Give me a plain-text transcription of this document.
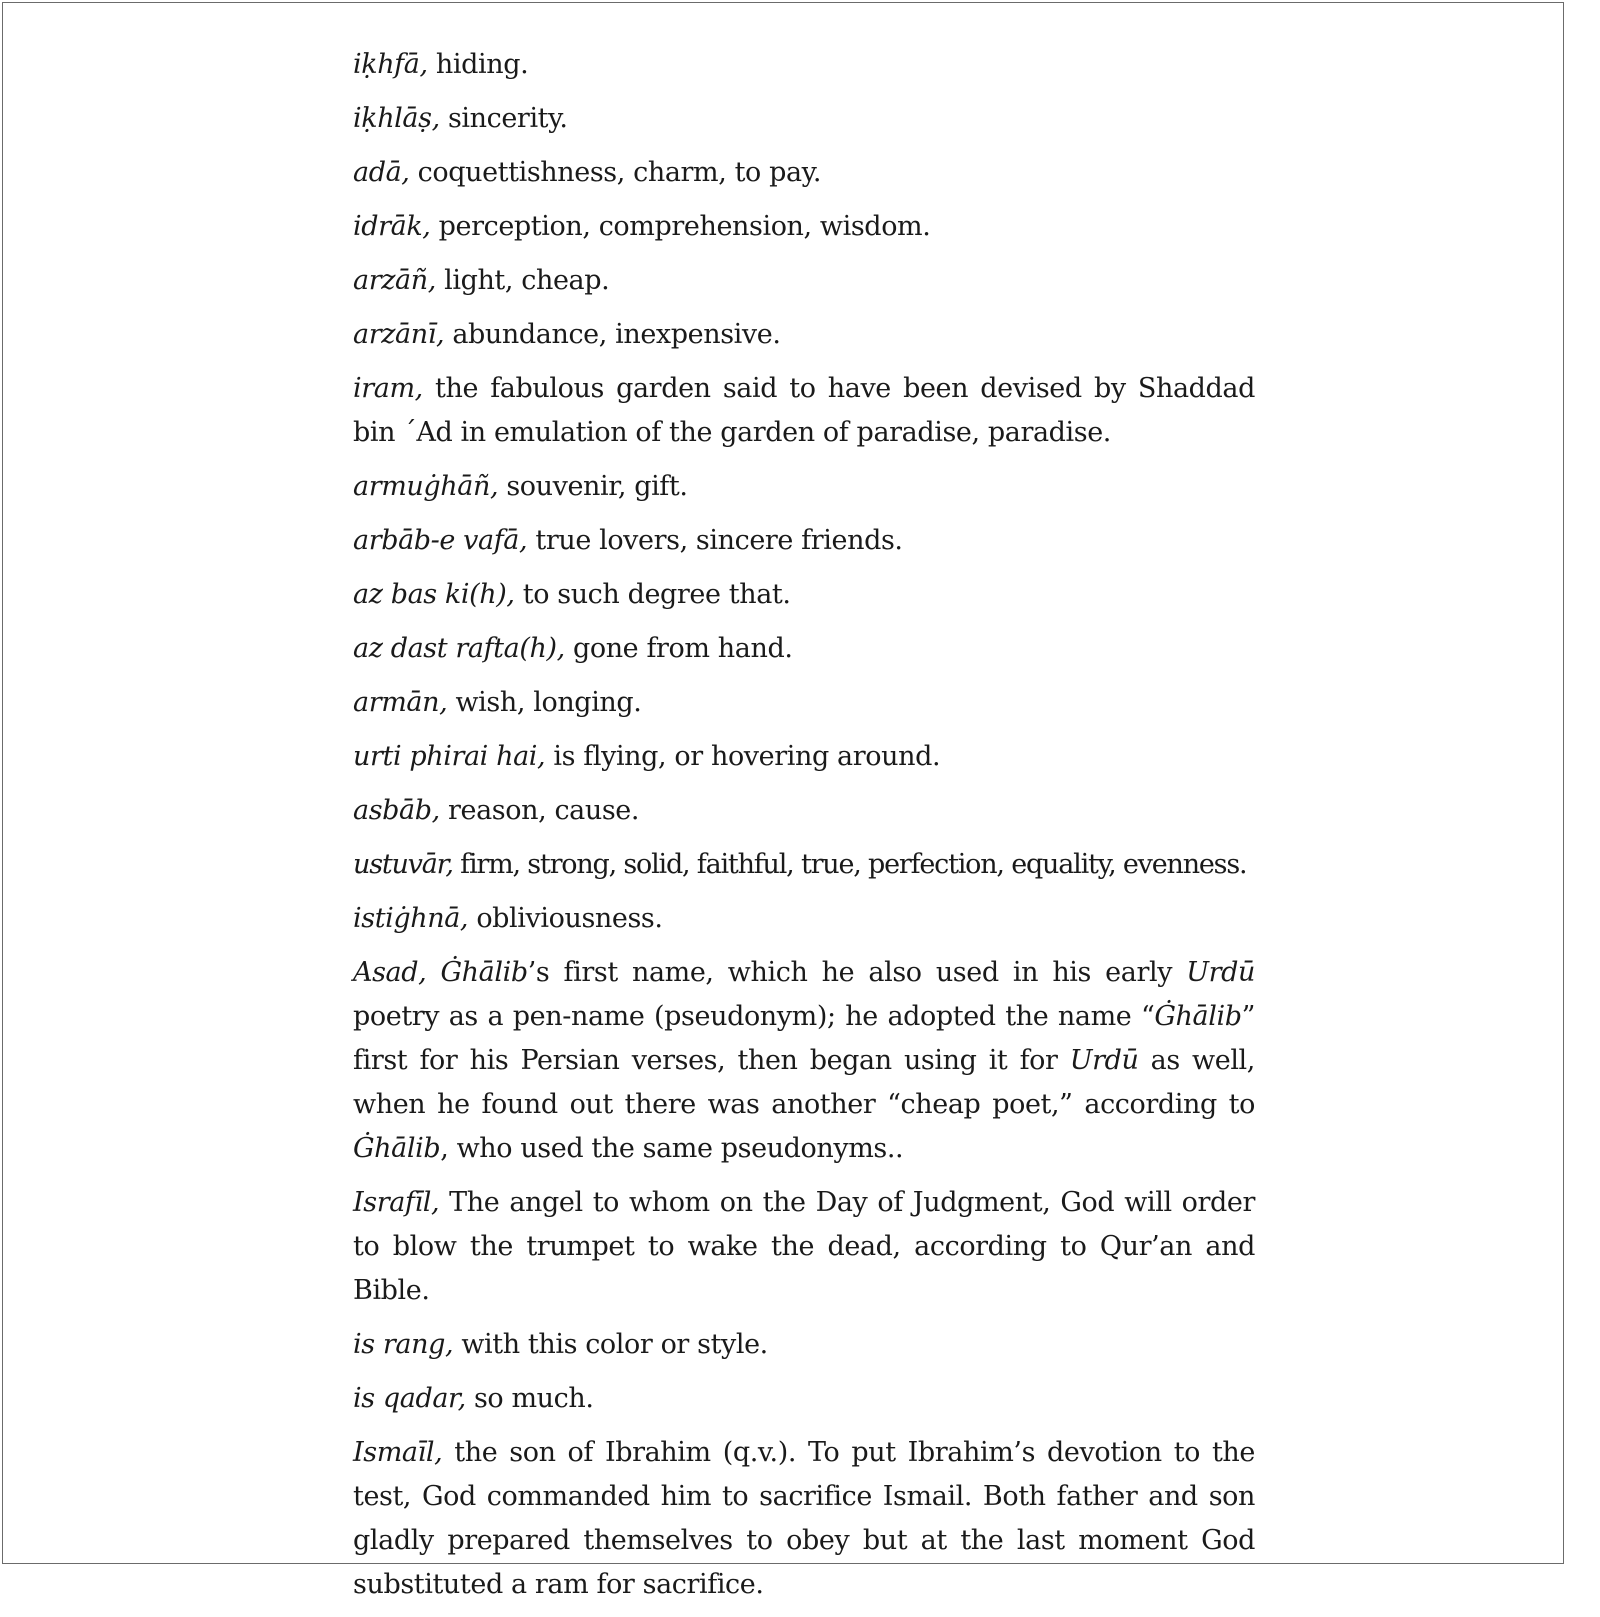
iḳhfā, hiding.

iḳhlāṣ, sincerity.

adā, coquettishness, charm, to pay.

idrāk, perception, comprehension, wisdom.

arzāñ, light, cheap.

arzānī, abundance, inexpensive.

iram, the fabulous garden said to have been devised by Shaddad bin ´Ad in emulation of the garden of paradise, paradise.

armuġhāñ, souvenir, gift.

arbāb-e vafā, true lovers, sincere friends.

az bas ki(h), to such degree that.

az dast rafta(h), gone from hand.

armān, wish, longing.

urti phirai hai, is flying, or hovering around.

asbāb, reason, cause.

ustuvār, firm, strong, solid, faithful, true, perfection, equality, evenness.

istiġhnā, obliviousness.

Asad, Ġhālib’s first name, which he also used in his early Urdū poetry as a pen-name (pseudonym); he adopted the name “Ġhālib” first for his Persian verses, then began using it for Urdū as well, when he found out there was another “cheap poet,” according to Ġhālib, who used the same pseudonyms..

Israfīl, The angel to whom on the Day of Judgment, God will order to blow the trumpet to wake the dead, according to Qur’an and Bible.

is rang, with this color or style.

is qadar, so much.

Ismaīl, the son of Ibrahim (q.v.). To put Ibrahim’s devotion to the test, God commanded him to sacrifice Ismail. Both father and son gladly prepared themselves to obey but at the last moment God substituted a ram for sacrifice.
